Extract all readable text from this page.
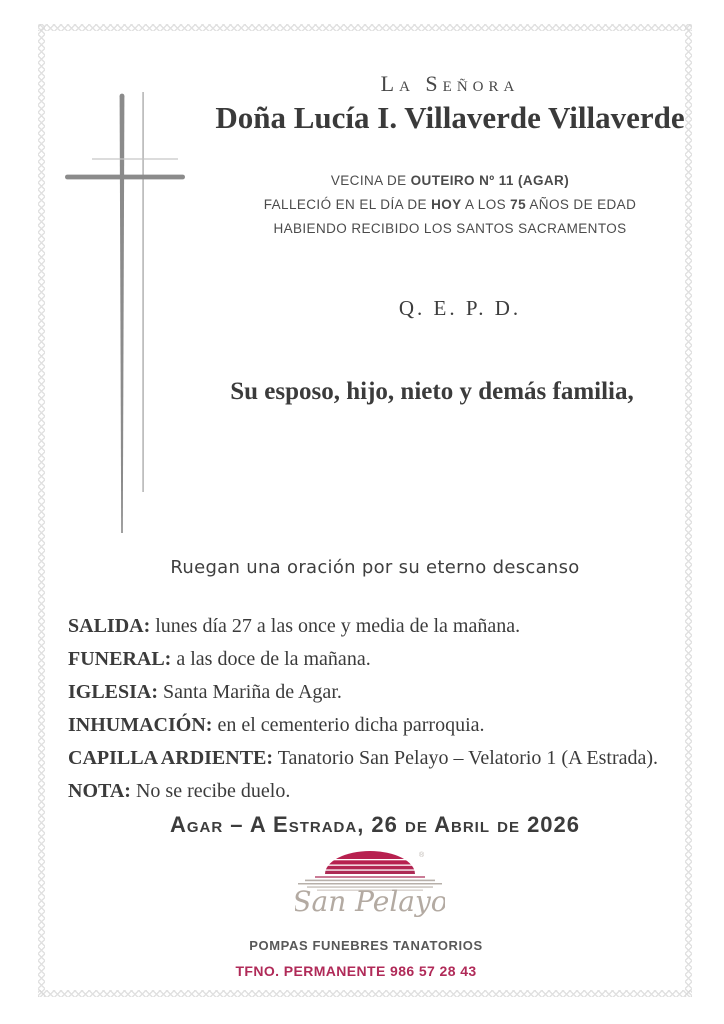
La Señora
Doña Lucía I. Villaverde Villaverde
VECINA DE OUTEIRO Nº 11 (AGAR)
FALLECIÓ EN EL DÍA DE HOY A LOS 75 AÑOS DE EDAD
HABIENDO RECIBIDO LOS SANTOS SACRAMENTOS
Q. E. P. D.
Su esposo, hijo, nieto y demás familia,
Ruegan una oración por su eterno descanso
SALIDA: lunes día 27 a las once y media de la mañana.
FUNERAL: a las doce de la mañana.
IGLESIA: Santa Mariña de Agar.
INHUMACIÓN: en el cementerio dicha parroquia.
CAPILLA ARDIENTE: Tanatorio San Pelayo – Velatorio 1 (A Estrada).
NOTA: No se recibe duelo.
Agar – A Estrada, 26 de Abril de 2026
®
San Pelayo
POMPAS FUNEBRES TANATORIOS
TFNO. PERMANENTE 986 57 28 43
